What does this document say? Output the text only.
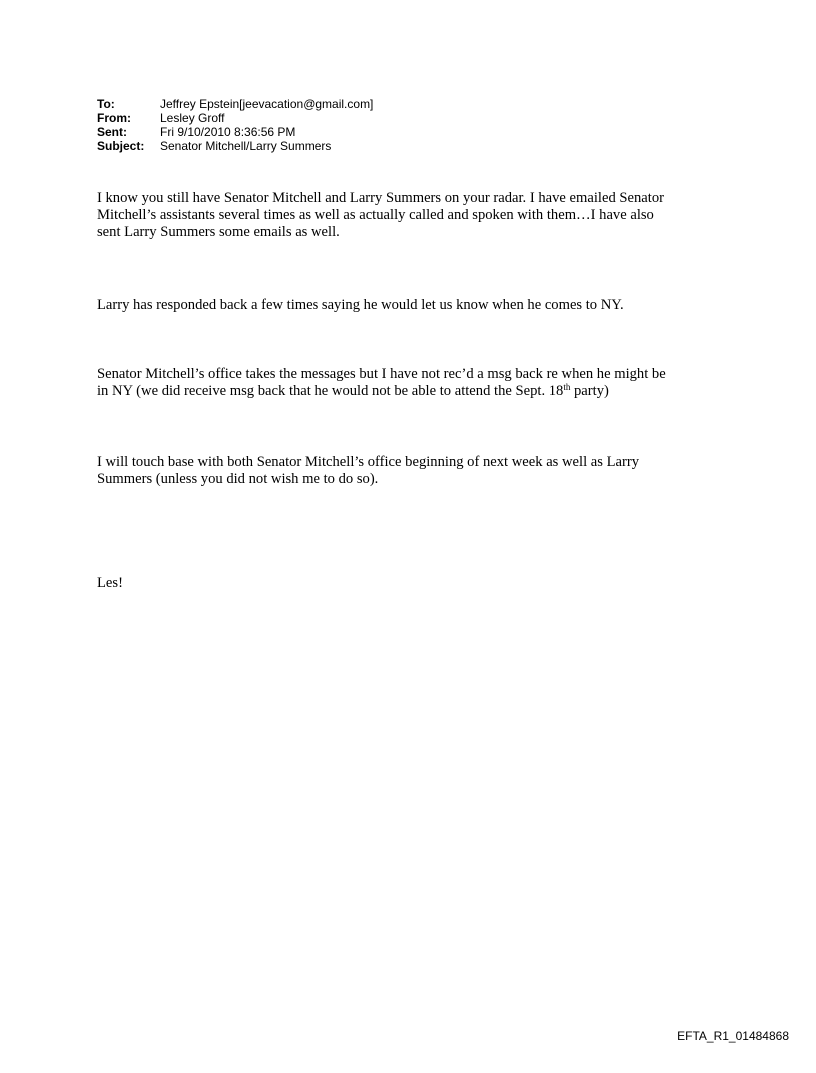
To:	Jeffrey Epstein[jeevacation@gmail.com]
From:	Lesley Groff
Sent:	Fri 9/10/2010 8:36:56 PM
Subject:	Senator Mitchell/Larry Summers
I know you still have Senator Mitchell and Larry Summers on your radar. I have emailed Senator
Mitchell’s assistants several times as well as actually called and spoken with them…I have also
sent Larry Summers some emails as well.
Larry has responded back a few times saying he would let us know when he comes to NY.
Senator Mitchell’s office takes the messages but I have not rec’d a msg back re when he might be
in NY (we did receive msg back that he would not be able to attend the Sept. 18th party)
I will touch base with both Senator Mitchell’s office beginning of next week as well as Larry
Summers (unless you did not wish me to do so).
Les!
EFTA_R1_01484868
